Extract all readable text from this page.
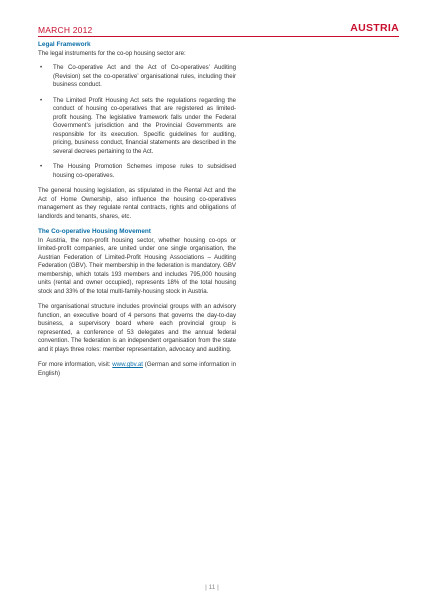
MARCH 2012	AUSTRIA
Legal Framework

The legal instruments for the co-op housing sector are:

• The Co-operative Act and the Act of Co-operatives’ Auditing (Revision) set the co-operative’ organisational rules, including their business conduct.
• The Limited Profit Housing Act sets the regulations regarding the conduct of housing co-operatives that are registered as limited-profit housing. The legislative framework falls under the Federal Government’s jurisdiction and the Provincial Governments are responsible for its execution. Specific guidelines for auditing, pricing, business conduct, financial statements are described in the several decrees pertaining to the Act.
• The Housing Promotion Schemes impose rules to subsidised housing co-operatives.

The general housing legislation, as stipulated in the Rental Act and the Act of Home Ownership, also influence the housing co-operatives management as they regulate rental contracts, rights and obligations of landlords and tenants, shares, etc.

The Co-operative Housing Movement

In Austria, the non-profit housing sector, whether housing co-ops or limited-profit companies, are united under one single organisation, the Austrian Federation of Limited-Profit Housing Associations – Auditing Federation (GBV). Their membership in the federation is mandatory. GBV membership, which totals 193 members and includes 795,000 housing units (rental and owner occupied), represents 18% of the total housing stock and 33% of the total multi-family-housing stock in Austria.

The organisational structure includes provincial groups with an advisory function, an executive board of 4 persons that governs the day-to-day business, a supervisory board where each provincial group is represented, a conference of 53 delegates and the annual federal convention. The federation is an independent organisation from the state and it plays three roles: member representation, advocacy and auditing.

For more information, visit: www.gbv.at (German and some information in English)

| 11 |
